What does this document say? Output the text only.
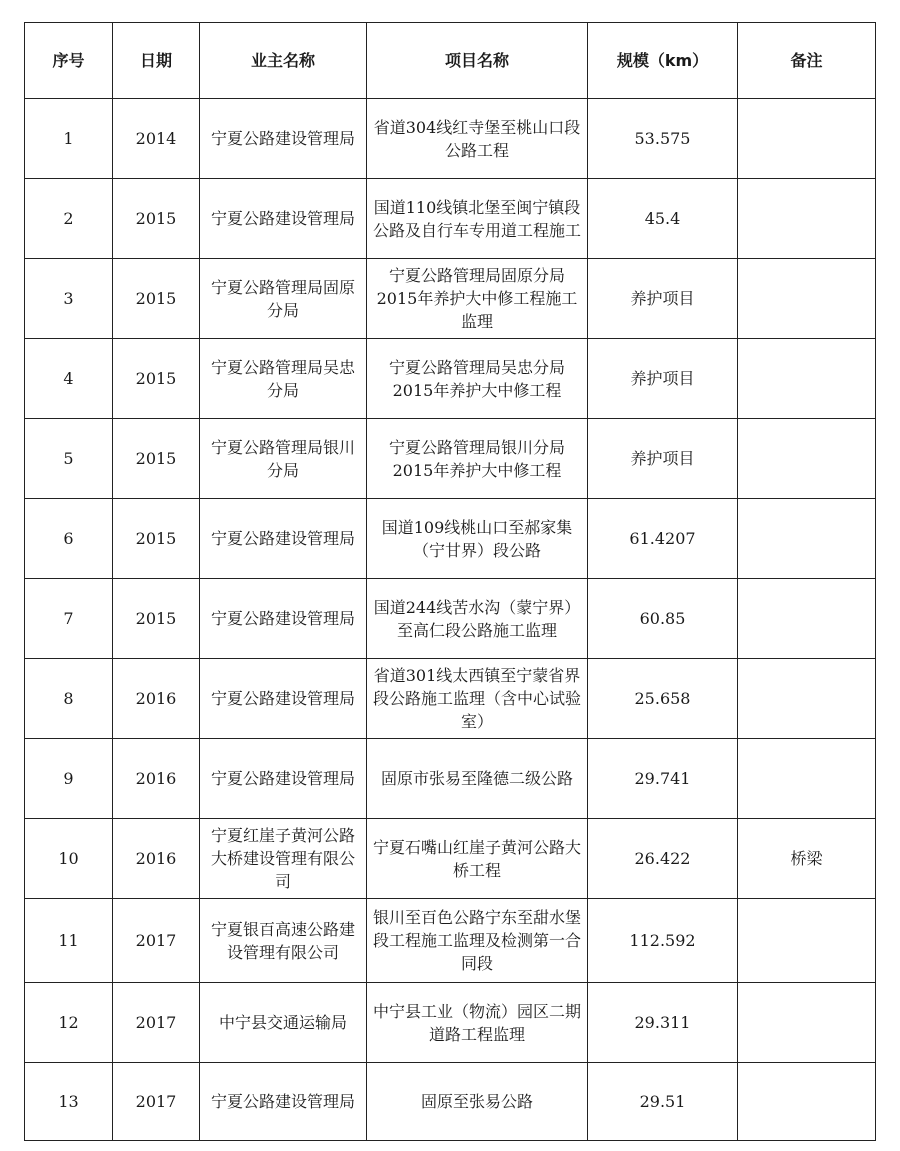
序号	日期	业主名称	项目名称	规模（km）	备注
1	2014	宁夏公路建设管理局	省道304线红寺堡至桃山口段公路工程	53.575	
2	2015	宁夏公路建设管理局	国道110线镇北堡至闽宁镇段公路及自行车专用道工程施工	45.4	
3	2015	宁夏公路管理局固原分局	宁夏公路管理局固原分局2015年养护大中修工程施工监理	养护项目	
4	2015	宁夏公路管理局吴忠分局	宁夏公路管理局吴忠分局2015年养护大中修工程	养护项目	
5	2015	宁夏公路管理局银川分局	宁夏公路管理局银川分局2015年养护大中修工程	养护项目	
6	2015	宁夏公路建设管理局	国道109线桃山口至郝家集（宁甘界）段公路	61.4207	
7	2015	宁夏公路建设管理局	国道244线苦水沟（蒙宁界）至高仁段公路施工监理	60.85	
8	2016	宁夏公路建设管理局	省道301线太西镇至宁蒙省界段公路施工监理（含中心试验室）	25.658	
9	2016	宁夏公路建设管理局	固原市张易至隆德二级公路	29.741	
10	2016	宁夏红崖子黄河公路大桥建设管理有限公司	宁夏石嘴山红崖子黄河公路大桥工程	26.422	桥梁
11	2017	宁夏银百高速公路建设管理有限公司	银川至百色公路宁东至甜水堡段工程施工监理及检测第一合同段	112.592	
12	2017	中宁县交通运输局	中宁县工业（物流）园区二期道路工程监理	29.311	
13	2017	宁夏公路建设管理局	固原至张易公路	29.51	
